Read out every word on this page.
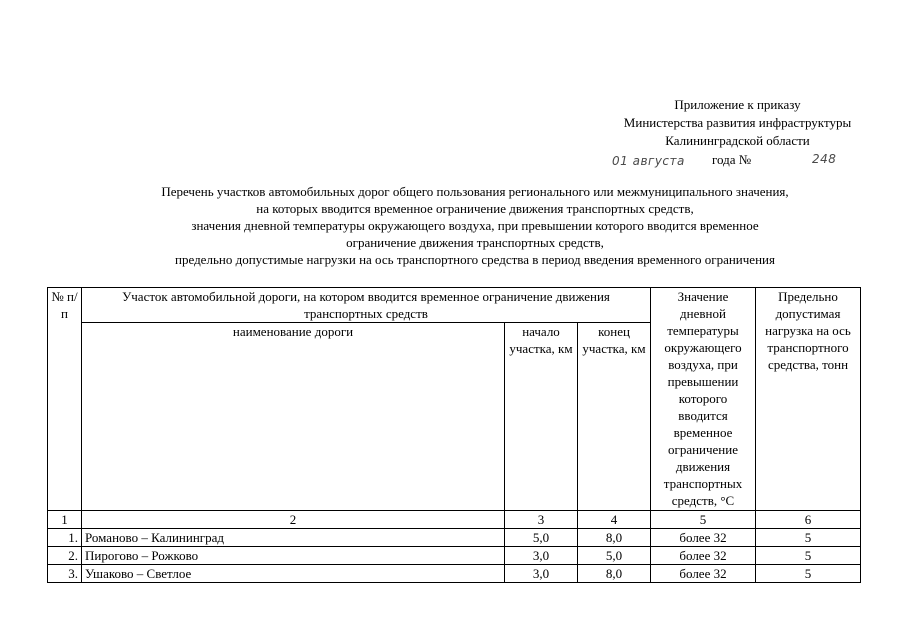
Приложение к приказу
Министерства развития инфраструктуры
Калининградской области
01 августа года №	248
Перечень участков автомобильных дорог общего пользования регионального или межмуниципального значения,
на которых вводится временное ограничение движения транспортных средств,
значения дневной температуры окружающего воздуха, при превышении которого вводится временное
ограничение движения транспортных средств,
предельно допустимые нагрузки на ось транспортного средства в период введения временного ограничения
№ п/п	Участок автомобильной дороги, на котором вводится временное ограничение движения транспортных средств			Значение дневной температуры окружающего воздуха, при превышении которого вводится временное ограничение движения транспортных средств, °С	Предельно допустимая нагрузка на ось транспортного средства, тонн
	наименование дороги	начало участка, км	конец участка, км		
1	2	3	4	5	6
1.	Романово – Калининград	5,0	8,0	более 32	5
2.	Пирогово – Рожково	3,0	5,0	более 32	5
3.	Ушаково – Светлое	3,0	8,0	более 32	5
